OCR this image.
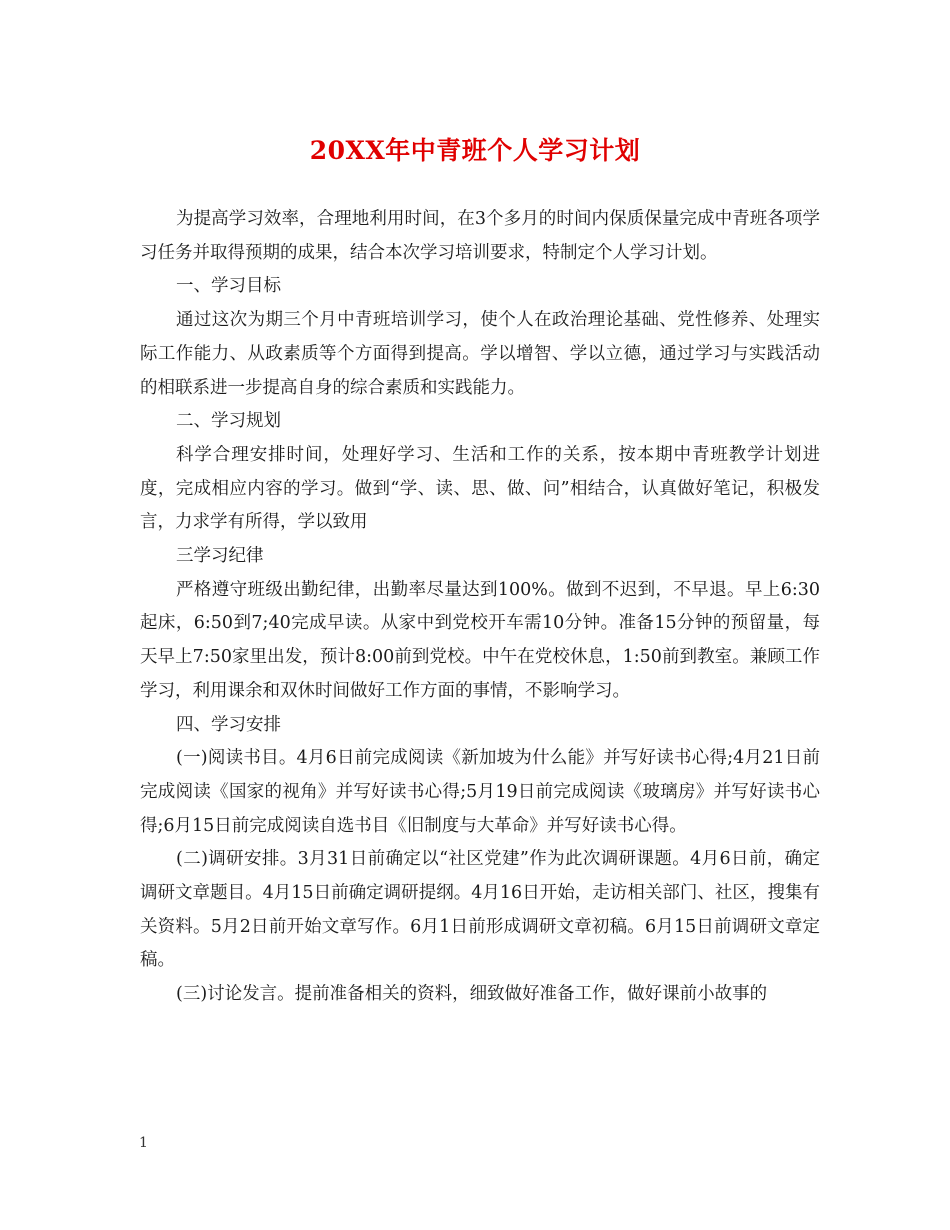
20XX年中青班个人学习计划

为提高学习效率，合理地利用时间，在3个多月的时间内保质保量完成中青班各项学习任务并取得预期的成果，结合本次学习培训要求，特制定个人学习计划。

一、学习目标

通过这次为期三个月中青班培训学习，使个人在政治理论基础、党性修养、处理实际工作能力、从政素质等个方面得到提高。学以增智、学以立德，通过学习与实践活动的相联系进一步提高自身的综合素质和实践能力。

二、学习规划

科学合理安排时间，处理好学习、生活和工作的关系，按本期中青班教学计划进度，完成相应内容的学习。做到“学、读、思、做、问”相结合，认真做好笔记，积极发言，力求学有所得，学以致用

三学习纪律

严格遵守班级出勤纪律，出勤率尽量达到100%。做到不迟到，不早退。早上6:30起床，6:50到7;40完成早读。从家中到党校开车需10分钟。准备15分钟的预留量，每天早上7:50家里出发，预计8:00前到党校。中午在党校休息，1:50前到教室。兼顾工作学习，利用课余和双休时间做好工作方面的事情，不影响学习。

四、学习安排

(一)阅读书目。4月6日前完成阅读《新加坡为什么能》并写好读书心得;4月21日前完成阅读《国家的视角》并写好读书心得;5月19日前完成阅读《玻璃房》并写好读书心得;6月15日前完成阅读自选书目《旧制度与大革命》并写好读书心得。

(二)调研安排。3月31日前确定以“社区党建”作为此次调研课题。4月6日前，确定调研文章题目。4月15日前确定调研提纲。4月16日开始，走访相关部门、社区，搜集有关资料。5月2日前开始文章写作。6月1日前形成调研文章初稿。6月15日前调研文章定稿。

(三)讨论发言。提前准备相关的资料，细致做好准备工作，做好课前小故事的

1
